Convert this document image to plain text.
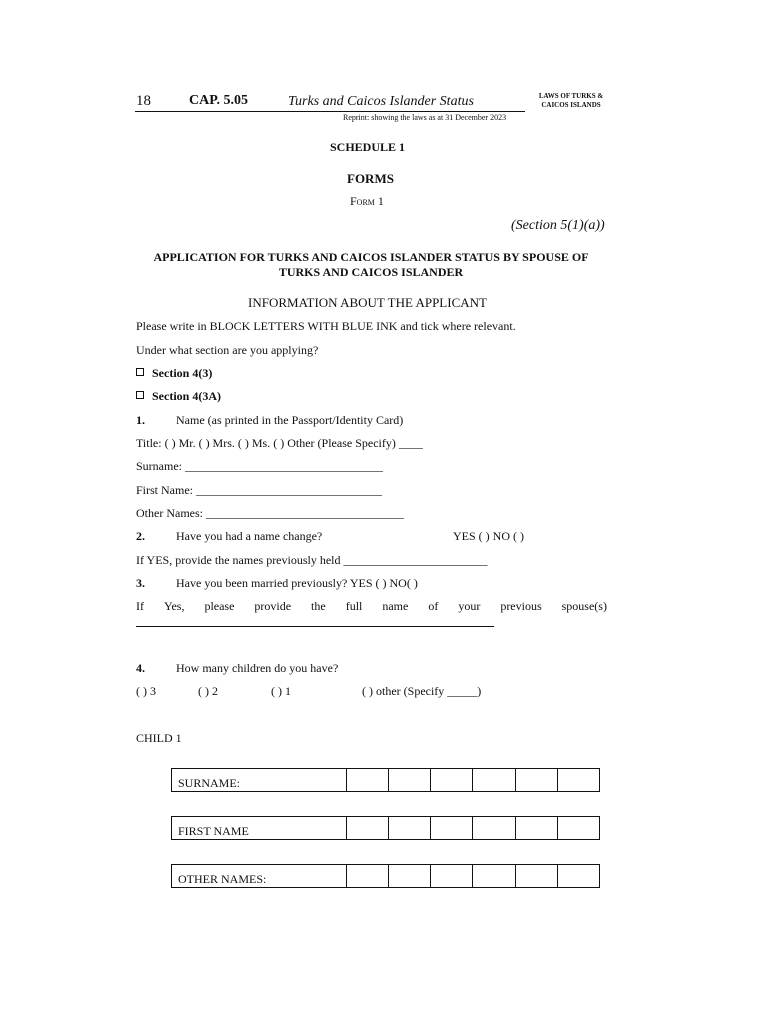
18	CAP. 5.05	Turks and Caicos Islander Status	LAWS OF TURKS & CAICOS ISLANDS
Reprint: showing the laws as at 31 December 2023
SCHEDULE 1
FORMS
Form 1
(Section 5(1)(a))
APPLICATION FOR TURKS AND CAICOS ISLANDER STATUS BY SPOUSE OF TURKS AND CAICOS ISLANDER
INFORMATION ABOUT THE APPLICANT
Please write in BLOCK LETTERS WITH BLUE INK and tick where relevant.
Under what section are you applying?
Section 4(3)
Section 4(3A)
1.	Name (as printed in the Passport/Identity Card)
Title: ( ) Mr. ( ) Mrs. ( ) Ms. ( ) Other (Please Specify) ____
Surname: _________________________________
First Name: _______________________________
Other Names: _________________________________
2.	Have you had a name change?	YES ( ) NO ( )
If YES, provide the names previously held ________________________
3.	Have you been married previously? YES ( ) NO( )
If Yes, please provide the full name of your previous spouse(s)
4.	How many children do you have?
( ) 3	( ) 2	( ) 1	( ) other (Specify _____)
CHILD 1
SURNAME:						
FIRST NAME						
OTHER NAMES:						
